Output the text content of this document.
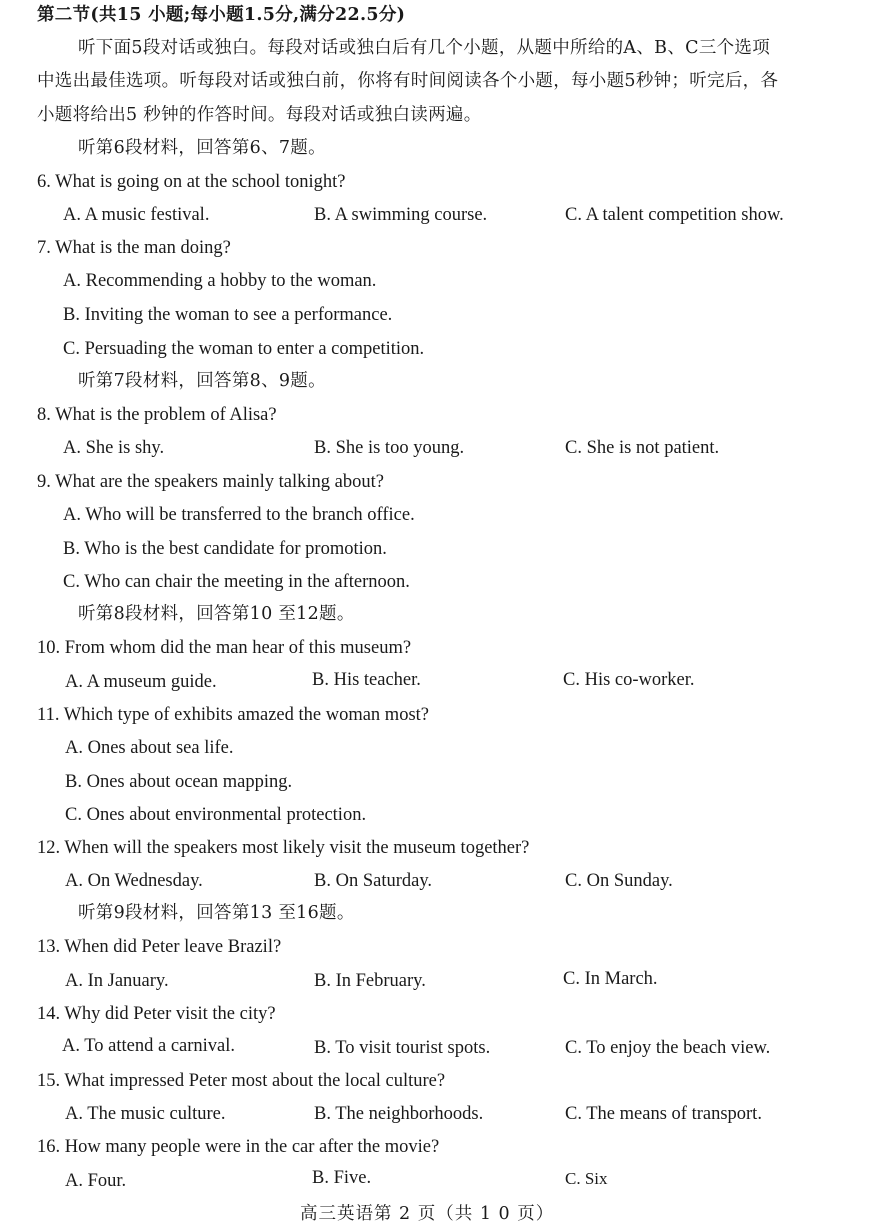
第二节(共15 小题;每小题1.5分,满分22.5分)
听下面5段对话或独白。每段对话或独白后有几个小题，从题中所给的A、B、C三个选项
中选出最佳选项。听每段对话或独白前，你将有时间阅读各个小题，每小题5秒钟；听完后，各
小题将给出5 秒钟的作答时间。每段对话或独白读两遍。
听第6段材料，回答第6、7题。
6. What is going on at the school tonight?
A. A music festival.	B. A swimming course.	C. A talent competition show.
7. What is the man doing?
A. Recommending a hobby to the woman.
B. Inviting the woman to see a performance.
C. Persuading the woman to enter a competition.
听第7段材料，回答第8、9题。
8. What is the problem of Alisa?
A. She is shy.	B. She is too young.	C. She is not patient.
9. What are the speakers mainly talking about?
A. Who will be transferred to the branch office.
B. Who is the best candidate for promotion.
C. Who can chair the meeting in the afternoon.
听第8段材料，回答第10 至12题。
10. From whom did the man hear of this museum?
A. A museum guide.	B. His teacher.	C. His co-worker.
11. Which type of exhibits amazed the woman most?
A. Ones about sea life.
B. Ones about ocean mapping.
C. Ones about environmental protection.
12. When will the speakers most likely visit the museum together?
A. On Wednesday.	B. On Saturday.	C. On Sunday.
听第9段材料，回答第13 至16题。
13. When did Peter leave Brazil?
A. In January.	B. In February.	C. In March.
14. Why did Peter visit the city?
A. To attend a carnival.	B. To visit tourist spots.	C. To enjoy the beach view.
15. What impressed Peter most about the local culture?
A. The music culture.	B. The neighborhoods.	C. The means of transport.
16. How many people were in the car after the movie?
A. Four.	B. Five.	C. Six
高三英语第 2 页（共 1 0 页）
